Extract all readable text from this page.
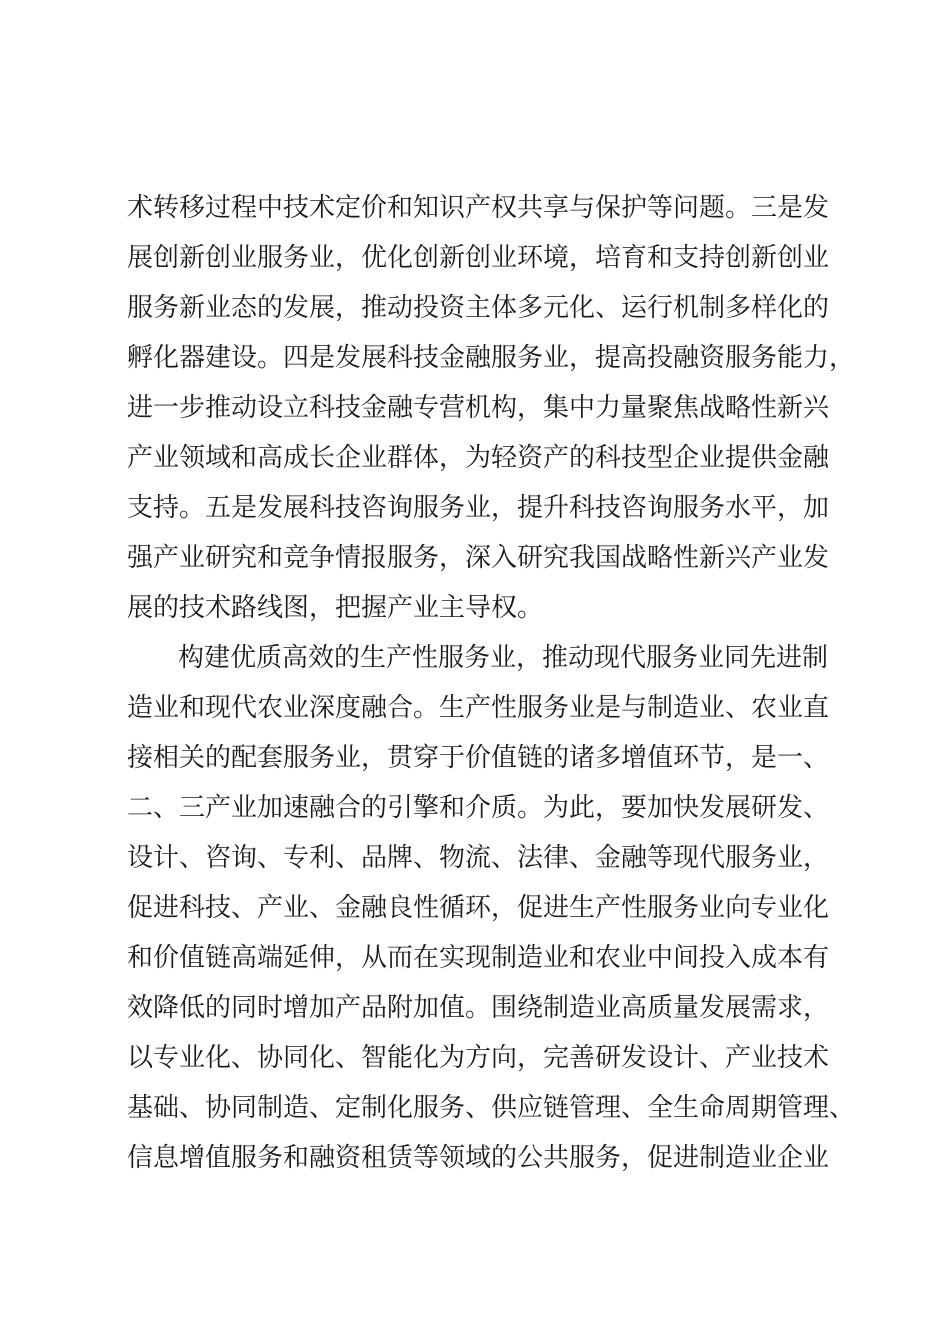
术转移过程中技术定价和知识产权共享与保护等问题。三是发
展创新创业服务业，优化创新创业环境，培育和支持创新创业
服务新业态的发展，推动投资主体多元化、运行机制多样化的
孵化器建设。四是发展科技金融服务业，提高投融资服务能力，
进一步推动设立科技金融专营机构，集中力量聚焦战略性新兴
产业领域和高成长企业群体，为轻资产的科技型企业提供金融
支持。五是发展科技咨询服务业，提升科技咨询服务水平，加
强产业研究和竞争情报服务，深入研究我国战略性新兴产业发
展的技术路线图，把握产业主导权。
构建优质高效的生产性服务业，推动现代服务业同先进制
造业和现代农业深度融合。生产性服务业是与制造业、农业直
接相关的配套服务业，贯穿于价值链的诸多增值环节，是一、
二、三产业加速融合的引擎和介质。为此，要加快发展研发、
设计、咨询、专利、品牌、物流、法律、金融等现代服务业，
促进科技、产业、金融良性循环，促进生产性服务业向专业化
和价值链高端延伸，从而在实现制造业和农业中间投入成本有
效降低的同时增加产品附加值。围绕制造业高质量发展需求，
以专业化、协同化、智能化为方向，完善研发设计、产业技术
基础、协同制造、定制化服务、供应链管理、全生命周期管理、
信息增值服务和融资租赁等领域的公共服务，促进制造业企业
